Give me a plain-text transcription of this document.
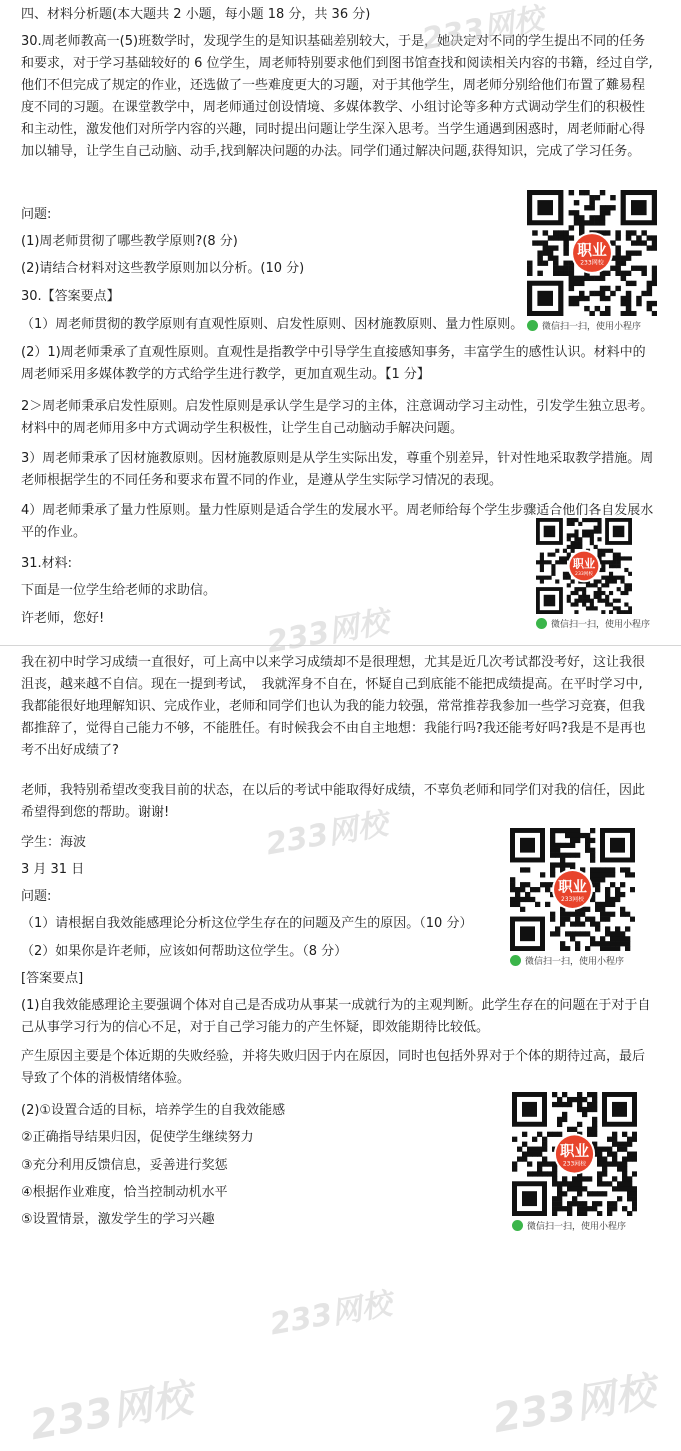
四、材料分析题(本大题共 2 小题，每小题 18 分，共 36 分)

30.周老师教高一(5)班数学时，发现学生的是知识基础差别较大，于是，她决定对不同的学生提出不同的任务和要求，对于学习基础较好的 6 位学生，周老师特别要求他们到图书馆查找和阅读相关内容的书籍，经过自学,他们不但完成了规定的作业，还选做了一些难度更大的习题，对于其他学生，周老师分别给他们布置了難易程度不同的习题。在课堂教学中，周老师通过创设情境、多媒体教学、小组讨论等多种方式调动学生们的积极性和主动性，激发他们对所学内容的兴趣，同时提出问题让学生深入思考。当学生通遇到困惑时，周老师耐心得加以辅导，让学生自己动脑、动手,找到解决问题的办法。同学们通过解决问题,获得知识，完成了学习任务。

问题:

(1)周老师贯彻了哪些教学原则?(8 分)

(2)请结合材料对这些教学原则加以分析。(10 分)

30.【答案要点】

（1）周老师贯彻的教学原则有直观性原则、启发性原则、因材施教原则、量力性原则。

(2）1)周老师秉承了直观性原则。直观性是指教学中引导学生直接感知事务，丰富学生的感性认识。材料中的周老师采用多媒体教学的方式给学生进行教学，更加直观生动。【1 分】

2＞周老师秉承启发性原则。启发性原则是承认学生是学习的主体，注意调动学习主动性，引发学生独立思考。材料中的周老师用多中方式调动学生积极性，让学生自己动脑动手解决问题。

3）周老师秉承了因材施教原则。因材施教原则是从学生实际出发，尊重个别差异，针对性地采取教学措施。周老师根据学生的不同任务和要求布置不同的作业，是遵从学生实际学习情况的表现。

4）周老师秉承了量力性原则。量力性原则是适合学生的发展水平。周老师给每个学生步骤适合他们各自发展水平的作业。

31.材料:

下面是一位学生给老师的求助信。

许老师，您好!

我在初中时学习成绩一直很好，可上高中以来学习成绩却不是很理想，尤其是近几次考试都没考好，这让我很沮丧，越来越不自信。现在一提到考试，　我就浑身不自在，怀疑自己到底能不能把成绩提高。在平时学习中,我都能很好地理解知识、完成作业，老师和同学们也认为我的能力较强，常常推荐我参加一些学习竞赛，但我都推辞了，觉得自己能力不够，不能胜任。有时候我会不由自主地想：我能行吗?我还能考好吗?我是不是再也考不出好成绩了?

老师，我特别希望改变我目前的状态，在以后的考试中能取得好成绩，不辜负老师和同学们对我的信任，因此希望得到您的帮助。谢谢!

学生：海波

3 月 31 日

问题:

（1）请根据自我效能感理论分析这位学生存在的问题及产生的原因。（10 分）

（2）如果你是许老师，应该如何帮助这位学生。（8 分）

[答案要点]

(1)自我效能感理论主要强调个体对自己是否成功从事某一成就行为的主观判断。此学生存在的问题在于对于自己从事学习行为的信心不足，对于自己学习能力的产生怀疑，即效能期待比较低。

产生原因主要是个体近期的失败经验，并将失败归因于内在原因，同时也包括外界对于个体的期待过高，最后导致了个体的消极情绪体验。

(2)①设置合适的目标，培养学生的自我效能感

②正确指导结果归因，促使学生继续努力

③充分利用反馈信息，妥善进行奖惩

④根据作业难度，恰当控制动机水平

⑤设置情景，激发学生的学习兴趣

职业
233网校
微信扫一扫，使用小程序
职业
233网校
微信扫一扫，使用小程序
职业
233网校
微信扫一扫，使用小程序
职业
233网校
微信扫一扫，使用小程序
233网校
233网校
233网校
233网校
233网校	233网校
